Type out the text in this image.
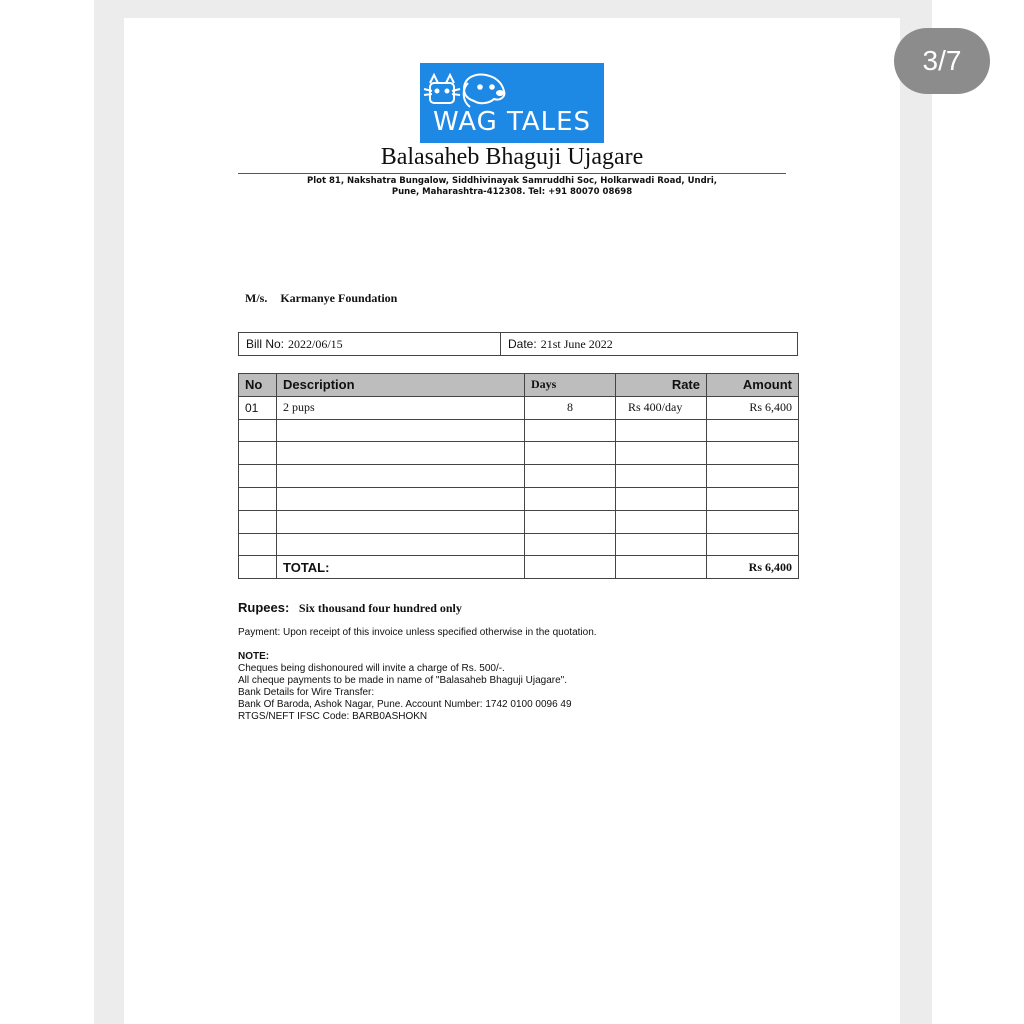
3/7
WAG TALES
Balasaheb Bhaguji Ujagare
Plot 81, Nakshatra Bungalow, Siddhivinayak Samruddhi Soc, Holkarwadi Road, Undri,
Pune, Maharashtra-412308. Tel: +91 80070 08698
M/s. Karmanye Foundation
Bill No: 2022/06/15	Date: 21st June 2022
No	Description	Days	Rate	Amount
01	2 pups	8	Rs 400/day	Rs 6,400

	TOTAL:			Rs 6,400
Rupees: Six thousand four hundred only
Payment: Upon receipt of this invoice unless specified otherwise in the quotation.
NOTE:
Cheques being dishonoured will invite a charge of Rs. 500/-.
All cheque payments to be made in name of "Balasaheb Bhaguji Ujagare".
Bank Details for Wire Transfer:
Bank Of Baroda, Ashok Nagar, Pune. Account Number: 1742 0100 0096 49
RTGS/NEFT IFSC Code: BARB0ASHOKN
